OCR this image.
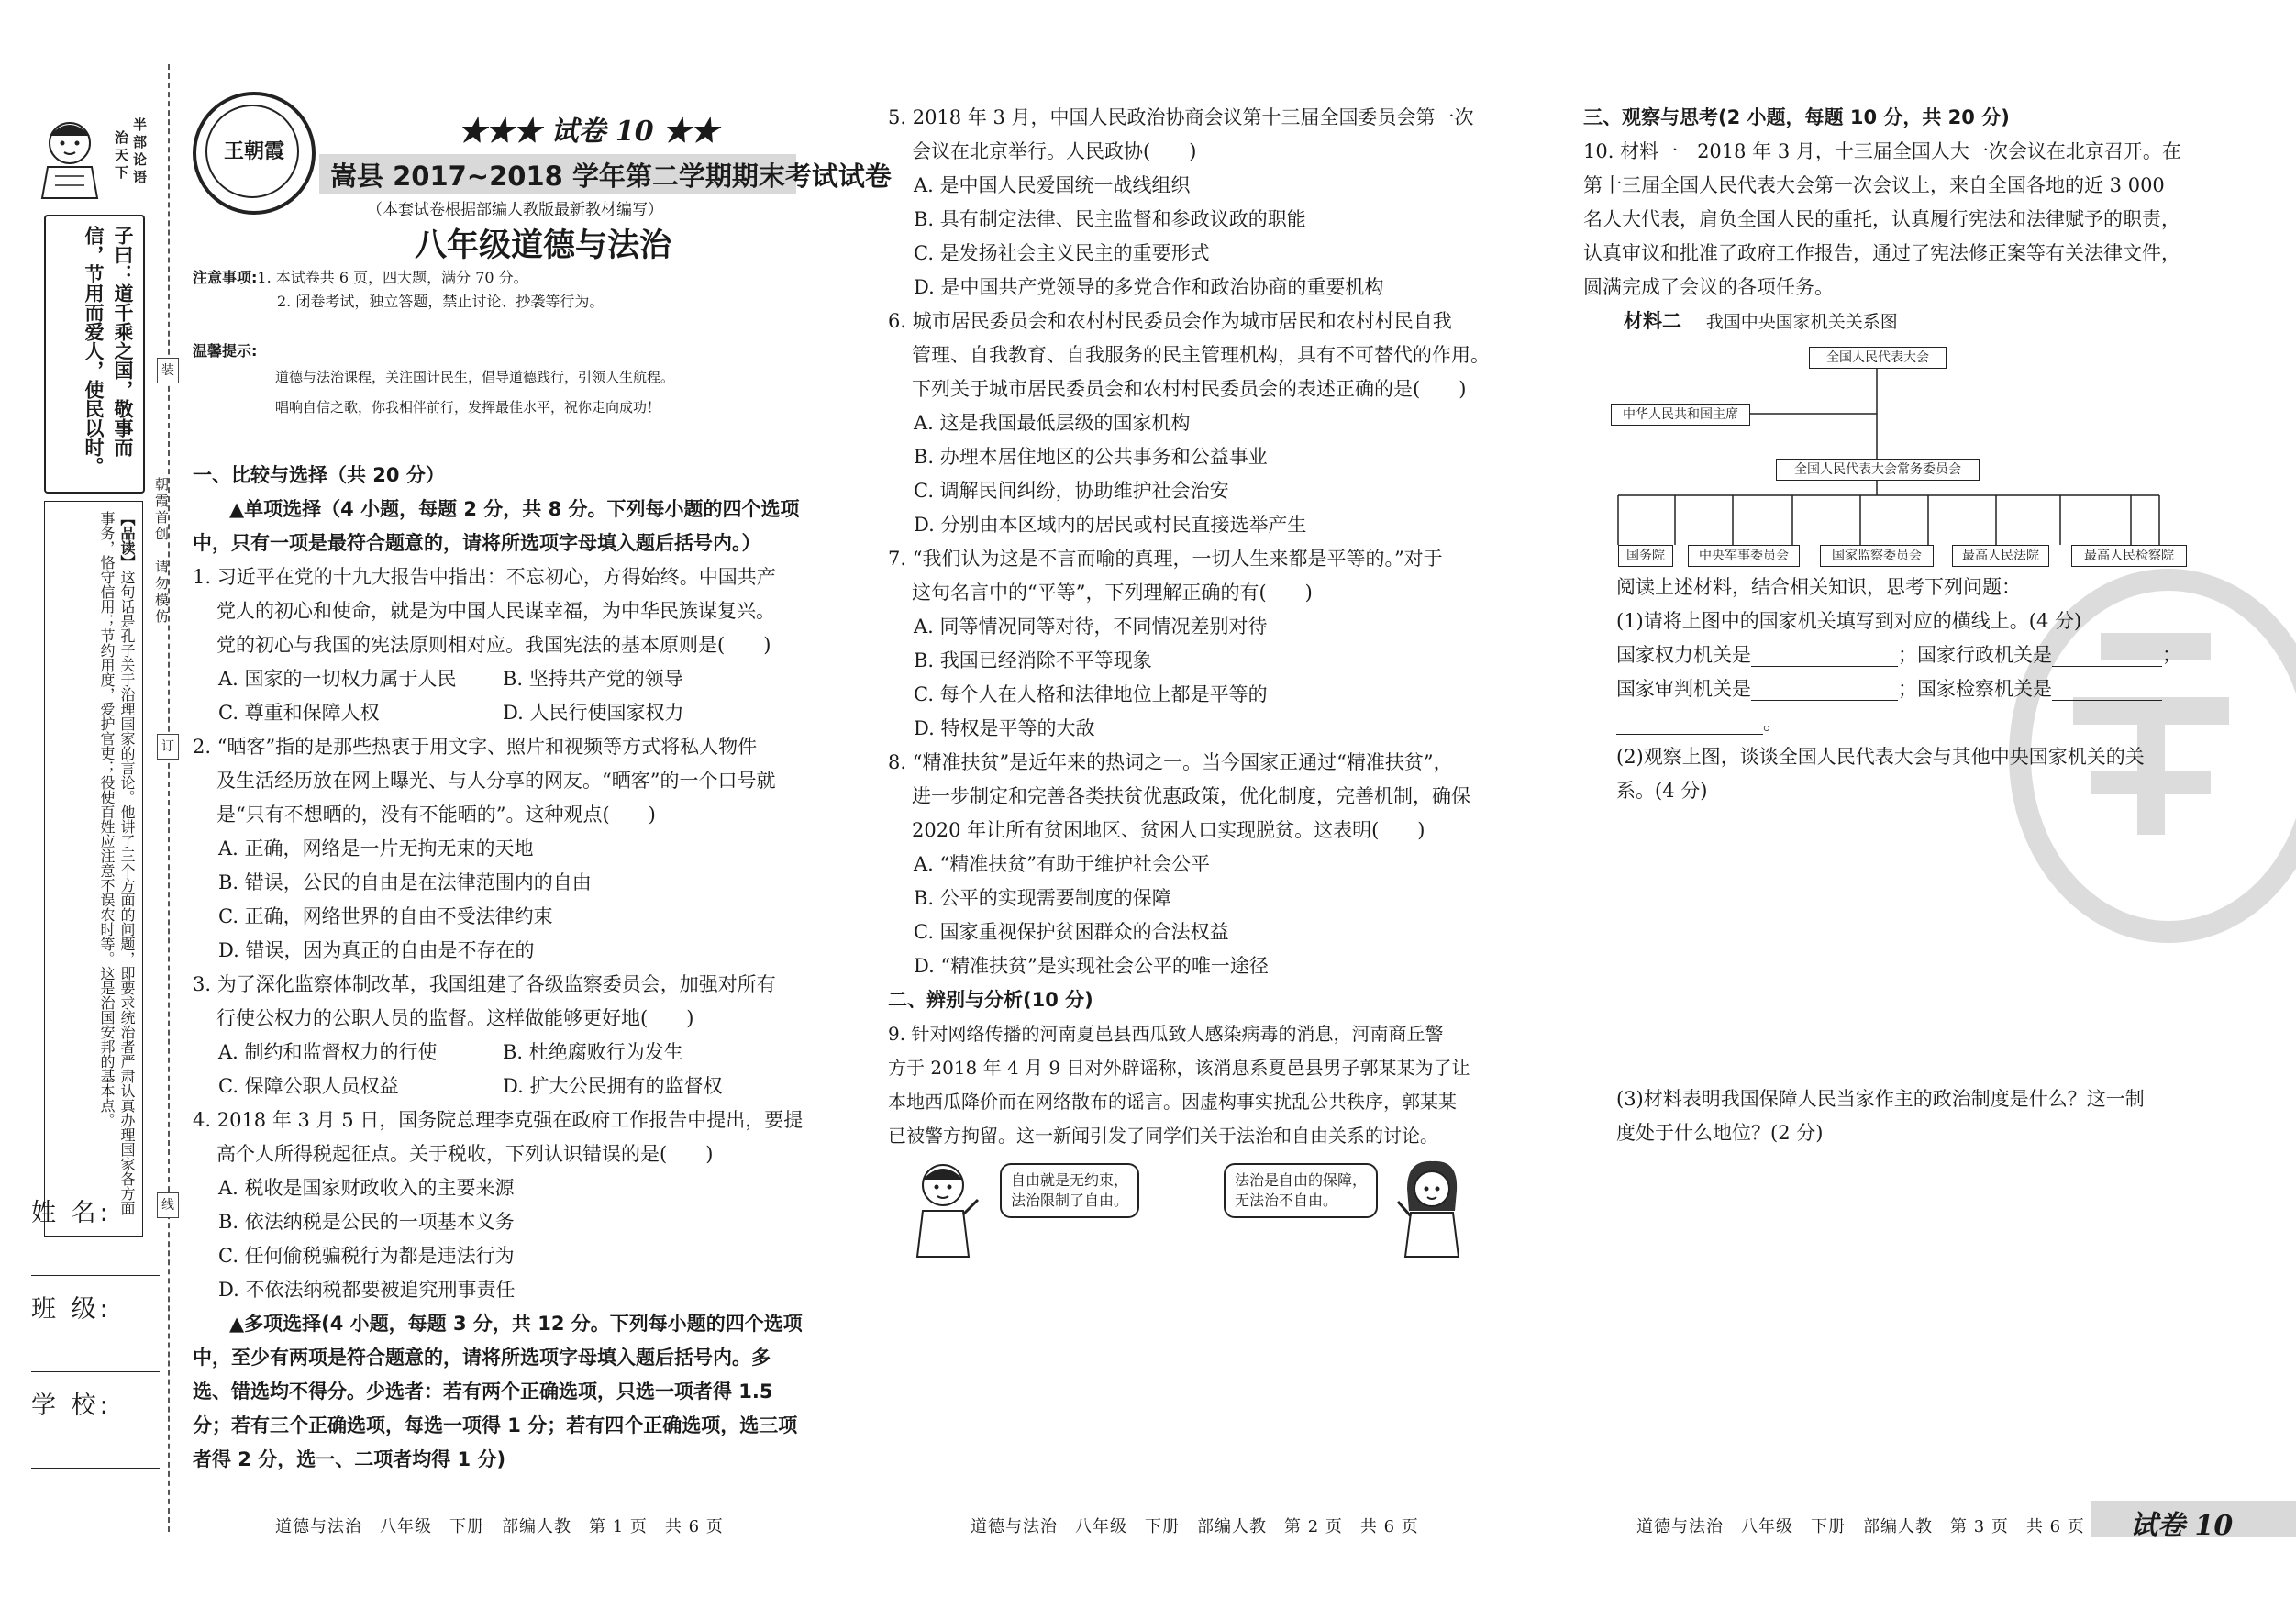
半部论语
治天下
子曰：道千乘之国，敬事而信，节用而爱人，使民以时。
【品读】这句话是孔子关于治理国家的言论。他讲了三个方面的问题，即要求统治者严肃认真办理国家各方面事务，恪守信用；节约用度，爱护官吏；役使百姓应注意不误农时等。这是治国安邦的基本点。
装
订
线
朝霞首创
请勿模仿
姓 名:
班 级:
学 校:
王朝霞
★★★ 试卷 10 ★★
嵩县 2017~2018 学年第二学期期末考试试卷
（本套试卷根据部编人教版最新教材编写）
八年级道德与法治
注意事项:1. 本试卷共 6 页，四大题，满分 70 分。
2. 闭卷考试，独立答题，禁止讨论、抄袭等行为。
温馨提示:
道德与法治课程，关注国计民生，倡导道德践行，引领人生航程。
唱响自信之歌，你我相伴前行，发挥最佳水平，祝你走向成功！

一、比较与选择（共 20 分）

▲单项选择（4 小题，每题 2 分，共 8 分。下列每小题的四个选项

中，只有一项是最符合题意的，请将所选项字母填入题后括号内。）

1. 习近平在党的十九大报告中指出：不忘初心，方得始终。中国共产

党人的初心和使命，就是为中国人民谋幸福，为中华民族谋复兴。

党的初心与我国的宪法原则相对应。我国宪法的基本原则是(　　)

A. 国家的一切权力属于人民 B. 坚持共产党的领导

C. 尊重和保障人权	D. 人民行使国家权力

2. “晒客”指的是那些热衷于用文字、照片和视频等方式将私人物件

及生活经历放在网上曝光、与人分享的网友。“晒客”的一个口号就

是“只有不想晒的，没有不能晒的”。这种观点(　　)

A. 正确，网络是一片无拘无束的天地

B. 错误，公民的自由是在法律范围内的自由

C. 正确，网络世界的自由不受法律约束

D. 错误，因为真正的自由是不存在的

3. 为了深化监察体制改革，我国组建了各级监察委员会，加强对所有

行使公权力的公职人员的监督。这样做能够更好地(　　)

A. 制约和监督权力的行使	B. 杜绝腐败行为发生

C. 保障公职人员权益	D. 扩大公民拥有的监督权

4. 2018 年 3 月 5 日，国务院总理李克强在政府工作报告中提出，要提

高个人所得税起征点。关于税收，下列认识错误的是(　　)

A. 税收是国家财政收入的主要来源

B. 依法纳税是公民的一项基本义务

C. 任何偷税骗税行为都是违法行为

D. 不依法纳税都要被追究刑事责任

▲多项选择(4 小题，每题 3 分，共 12 分。下列每小题的四个选项

中，至少有两项是符合题意的，请将所选项字母填入题后括号内。多

选、错选均不得分。少选者：若有两个正确选项，只选一项者得 1.5

分；若有三个正确选项，每选一项得 1 分；若有四个正确选项，选三项

者得 2 分，选一、二项者均得 1 分)

道德与法治　八年级　下册　部编人教　第 1 页　共 6 页

5. 2018 年 3 月，中国人民政治协商会议第十三届全国委员会第一次

会议在北京举行。人民政协(　　)

A. 是中国人民爱国统一战线组织

B. 具有制定法律、民主监督和参政议政的职能

C. 是发扬社会主义民主的重要形式

D. 是中国共产党领导的多党合作和政治协商的重要机构

6. 城市居民委员会和农村村民委员会作为城市居民和农村村民自我

管理、自我教育、自我服务的民主管理机构，具有不可替代的作用。

下列关于城市居民委员会和农村村民委员会的表述正确的是(　　)

A. 这是我国最低层级的国家机构

B. 办理本居住地区的公共事务和公益事业

C. 调解民间纠纷，协助维护社会治安

D. 分别由本区域内的居民或村民直接选举产生

7. “我们认为这是不言而喻的真理，一切人生来都是平等的。”对于

这句名言中的“平等”，下列理解正确的有(　　)

A. 同等情况同等对待，不同情况差别对待

B. 我国已经消除不平等现象

C. 每个人在人格和法律地位上都是平等的

D. 特权是平等的大敌

8. “精准扶贫”是近年来的热词之一。当今国家正通过“精准扶贫”，

进一步制定和完善各类扶贫优惠政策，优化制度，完善机制，确保

2020 年让所有贫困地区、贫困人口实现脱贫。这表明(　　)

A. “精准扶贫”有助于维护社会公平

B. 公平的实现需要制度的保障

C. 国家重视保护贫困群众的合法权益

D. “精准扶贫”是实现社会公平的唯一途径

二、辨别与分析(10 分)

9. 针对网络传播的河南夏邑县西瓜致人感染病毒的消息，河南商丘警

方于 2018 年 4 月 9 日对外辟谣称，该消息系夏邑县男子郭某某为了让

本地西瓜降价而在网络散布的谣言。因虚构事实扰乱公共秩序，郭某某

已被警方拘留。这一新闻引发了同学们关于法治和自由关系的讨论。

自由就是无约束，
法治限制了自由。
法治是自由的保障，
无法治不自由。
道德与法治　八年级　下册　部编人教　第 2 页　共 6 页

三、观察与思考(2 小题，每题 10 分，共 20 分)

10. 材料一　2018 年 3 月，十三届全国人大一次会议在北京召开。在

第十三届全国人民代表大会第一次会议上，来自全国各地的近 3 000

名人大代表，肩负全国人民的重托，认真履行宪法和法律赋予的职责，

认真审议和批准了政府工作报告，通过了宪法修正案等有关法律文件，

圆满完成了会议的各项任务。

材料二 我国中央国家机关关系图

全国人民代表大会
中华人民共和国主席
全国人民代表大会常务委员会
国务院	中央军事委员会	国家监察委员会	最高人民法院	最高人民检察院

阅读上述材料，结合相关知识，思考下列问题：

(1)请将上图中的国家机关填写到对应的横线上。(4 分)

国家权力机关是	；国家行政机关是	；

国家审判机关是	；国家检察机关是

。

(2)观察上图，谈谈全国人民代表大会与其他中央国家机关的关

系。(4 分)

(3)材料表明我国保障人民当家作主的政治制度是什么？这一制

度处于什么地位？(2 分)

道德与法治　八年级　下册　部编人教　第 3 页　共 6 页 试卷 10
